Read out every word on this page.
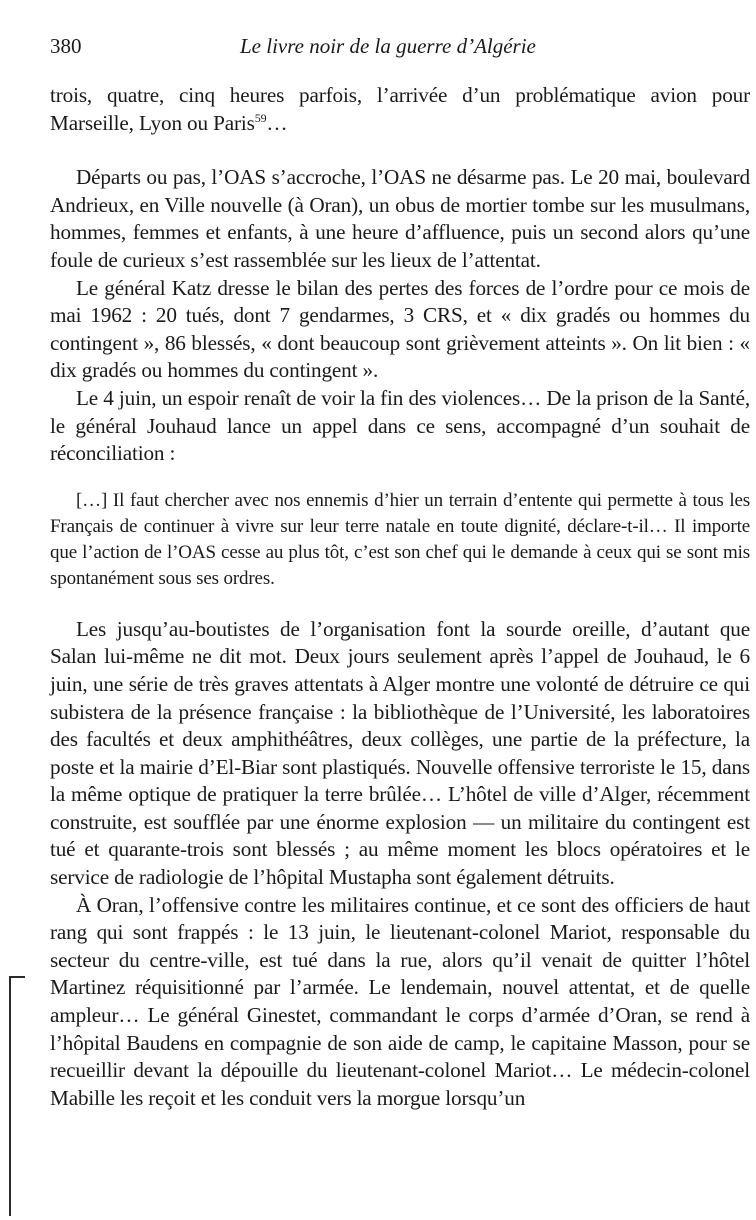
380	Le livre noir de la guerre d’Algérie

trois, quatre, cinq heures parfois, l’arrivée d’un problématique avion pour Marseille, Lyon ou Paris$^{59}$…

Départs ou pas, l’OAS s’accroche, l’OAS ne désarme pas. Le 20 mai, boulevard Andrieux, en Ville nouvelle (à Oran), un obus de mortier tombe sur les musulmans, hommes, femmes et enfants, à une heure d’affluence, puis un second alors qu’une foule de curieux s’est rassemblée sur les lieux de l’attentat.

Le général Katz dresse le bilan des pertes des forces de l’ordre pour ce mois de mai 1962 : 20 tués, dont 7 gendarmes, 3 CRS, et « dix gradés ou hommes du contingent », 86 blessés, « dont beaucoup sont grièvement atteints ». On lit bien : « dix gradés ou hommes du contingent ».

Le 4 juin, un espoir renaît de voir la fin des violences… De la prison de la Santé, le général Jouhaud lance un appel dans ce sens, accompagné d’un souhait de réconciliation :

[…] Il faut chercher avec nos ennemis d’hier un terrain d’entente qui permette à tous les Français de continuer à vivre sur leur terre natale en toute dignité, déclare-t-il… Il importe que l’action de l’OAS cesse au plus tôt, c’est son chef qui le demande à ceux qui se sont mis spontanément sous ses ordres.

Les jusqu’au-boutistes de l’organisation font la sourde oreille, d’autant que Salan lui-même ne dit mot. Deux jours seulement après l’appel de Jouhaud, le 6 juin, une série de très graves attentats à Alger montre une volonté de détruire ce qui subistera de la présence française : la bibliothèque de l’Université, les laboratoires des facultés et deux amphithéâtres, deux collèges, une partie de la préfecture, la poste et la mairie d’El-Biar sont plastiqués. Nouvelle offensive terroriste le 15, dans la même optique de pratiquer la terre brûlée… L’hôtel de ville d’Alger, récemment construite, est soufflée par une énorme explosion — un militaire du contingent est tué et quarante-trois sont blessés ; au même moment les blocs opératoires et le service de radiologie de l’hôpital Mustapha sont également détruits.

À Oran, l’offensive contre les militaires continue, et ce sont des officiers de haut rang qui sont frappés : le 13 juin, le lieutenant-colonel Mariot, responsable du secteur du centre-ville, est tué dans la rue, alors qu’il venait de quitter l’hôtel Martinez réquisitionné par l’armée. Le lendemain, nouvel attentat, et de quelle ampleur… Le général Ginestet, commandant le corps d’armée d’Oran, se rend à l’hôpital Baudens en compagnie de son aide de camp, le capitaine Masson, pour se recueillir devant la dépouille du lieutenant-colonel Mariot… Le médecin-colonel Mabille les reçoit et les conduit vers la morgue lorsqu’un
